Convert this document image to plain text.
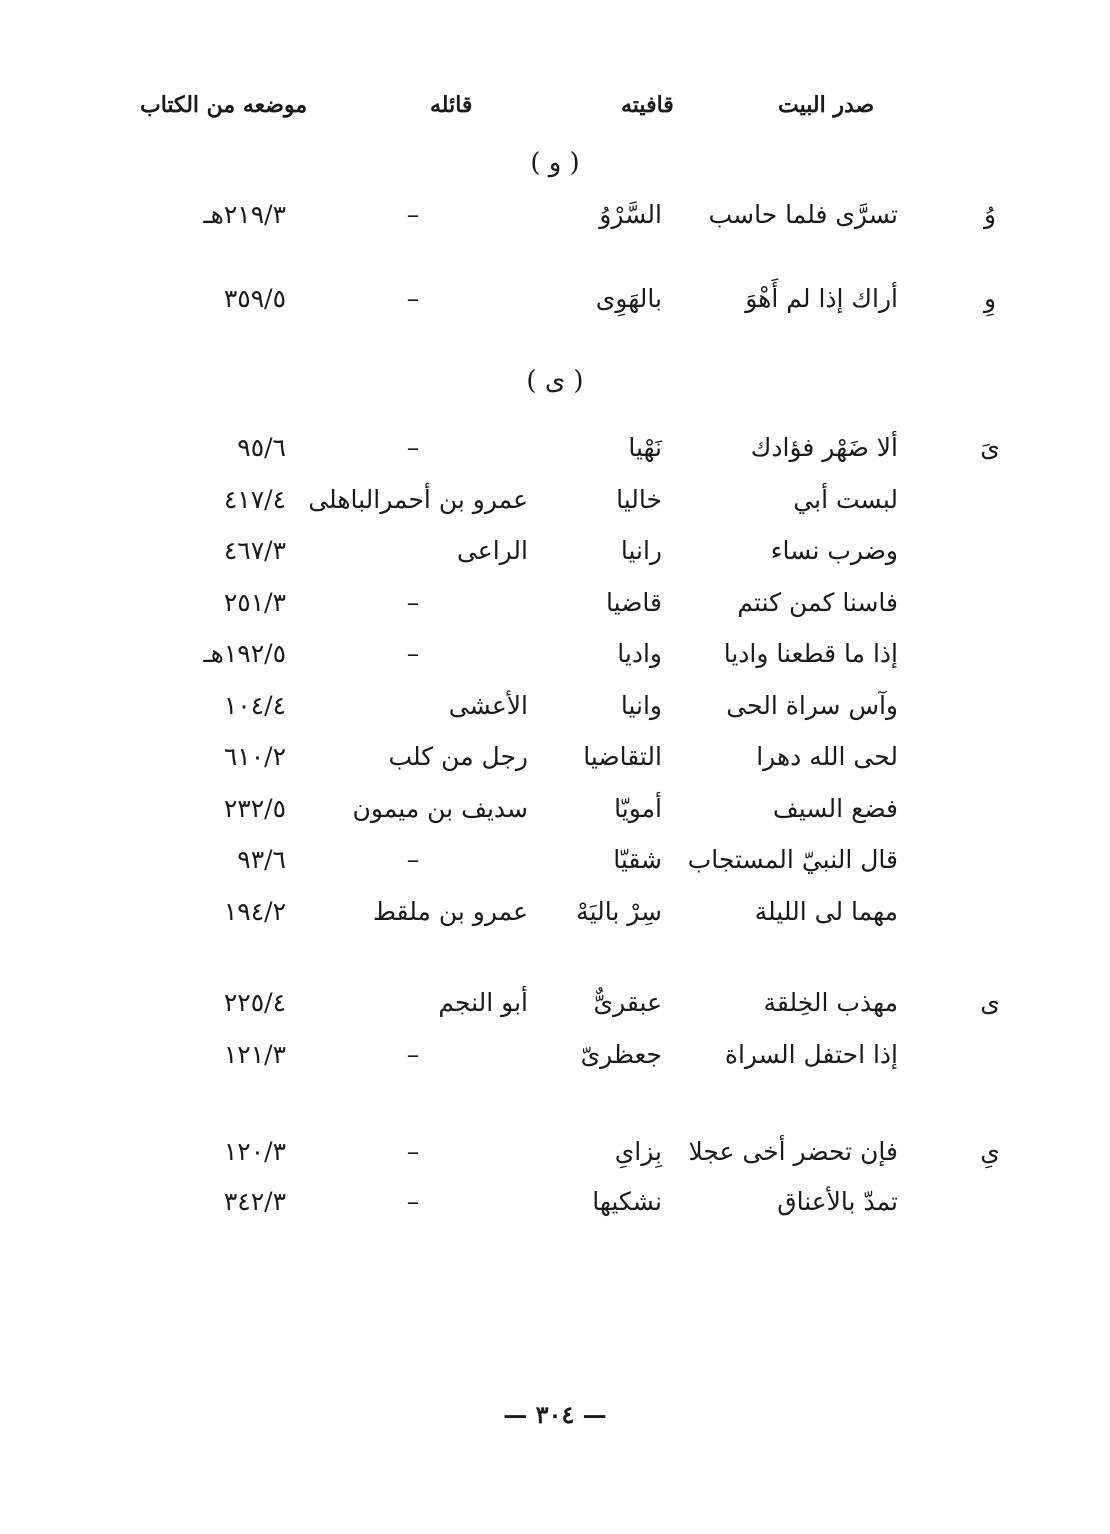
صدر البيت
قافيته
قائله
موضعه من الكتاب
( و )
( ى )
وُ
تسرَّى فلما حاسب
السَّرْوُ
–
٢١٩/٣هـ
وِ
أراك إذا لم أَهْوَ
بالهَوِى
–
٣٥٩/٥
ىَ
ألا ضَهْر فؤادك
نَهْيا
–
٩٥/٦
لبست أبي
خاليا
عمرو بن أحمرالباهلى
٤١٧/٤
وضرب نساء
رانيا
الراعى
٤٦٧/٣
فاسنا كمن كنتم
قاضيا
–
٢٥١/٣
إذا ما قطعنا واديا
واديا
–
١٩٢/٥هـ
وآس سراة الحى
وانيا
الأعشى
١٠٤/٤
لحى الله دهرا
التقاضيا
رجل من كلب
٦١٠/٢
فضع السيف
أمويّا
سديف بن ميمون
٢٣٢/٥
قال النبيّ المستجاب
شقيّا
–
٩٣/٦
مهما لى الليلة
سِرْ باليَهْ
عمرو بن ملقط
١٩٤/٢
ى
مهذب الخِلقة
عبقرىٌّ
أبو النجم
٢٢٥/٤
إذا احتفل السراة
جعظرىّ
–
١٢١/٣
ىِ
فإن تحضر أخى عجلا
بِزاىِ
–
١٢٠/٣
تمدّ بالأعناق
نشكيها
–
٣٤٢/٣
— ٣٠٤ —
